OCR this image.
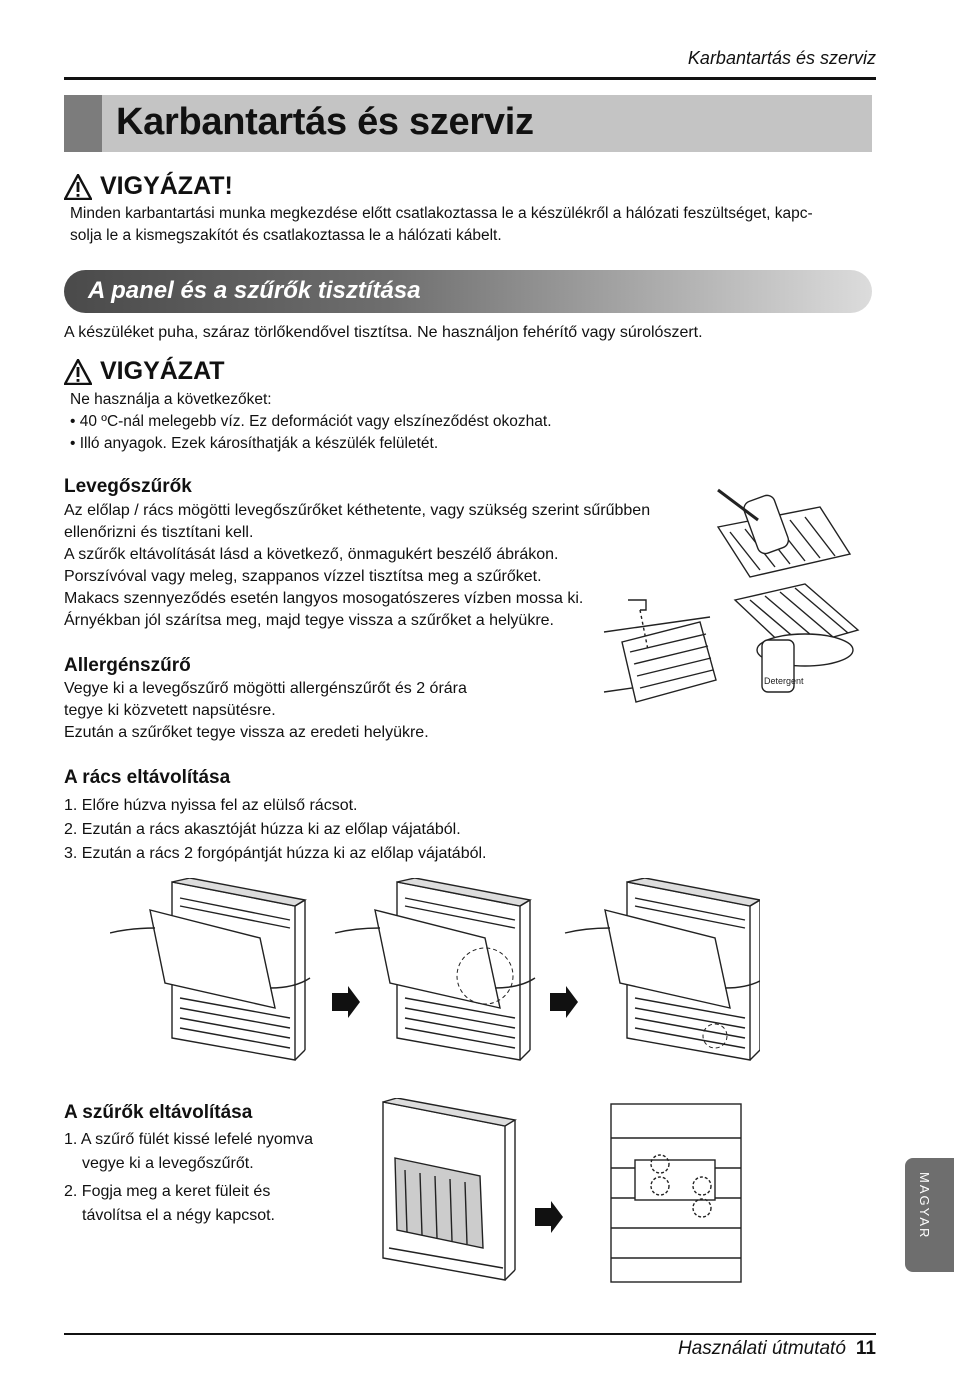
Karbantartás és szerviz
Karbantartás és szerviz
VIGYÁZAT!
Minden karbantartási munka megkezdése előtt csatlakoztassa le a készülékről a hálózati feszültséget, kapc-
solja le a kismegszakítót és csatlakoztassa le a hálózati kábelt.
A panel és a szűrők tisztítása
A készüléket puha, száraz törlőkendővel tisztítsa. Ne használjon fehérítő vagy súrolószert.
VIGYÁZAT
Ne használja a következőket:
• 40 ºC-nál melegebb víz. Ez deformációt vagy elszíneződést okozhat.
• Illó anyagok. Ezek károsíthatják a készülék felületét.
Levegőszűrők
Az előlap / rács mögötti levegőszűrőket kéthetente, vagy szükség szerint sűrűbben
ellenőrizni és tisztítani kell.
A szűrők eltávolítását lásd a következő, önmagukért beszélő ábrákon.
Porszívóval vagy meleg, szappanos vízzel tisztítsa meg a szűrőket.
Makacs szennyeződés esetén langyos mosogatószeres vízben mossa ki.
Árnyékban jól szárítsa meg, majd tegye vissza a szűrőket a helyükre.
Detergent
Allergénszűrő
Vegye ki a levegőszűrő mögötti allergénszűrőt és 2 órára
tegye ki közvetett napsütésre.
Ezután a szűrőket tegye vissza az eredeti helyükre.
A rács eltávolítása
1. Előre húzva nyissa fel az elülső rácsot.
2. Ezután a rács akasztóját húzza ki az előlap vájatából.
3. Ezután a rács 2 forgópántját húzza ki az előlap vájatából.
A szűrők eltávolítása
1. A szűrő fülét kissé lefelé nyomva
vegye ki a levegőszűrőt.
2. Fogja meg a keret füleit és
távolítsa el a négy kapcsot.	MAGYAR
Használati útmutató 11
